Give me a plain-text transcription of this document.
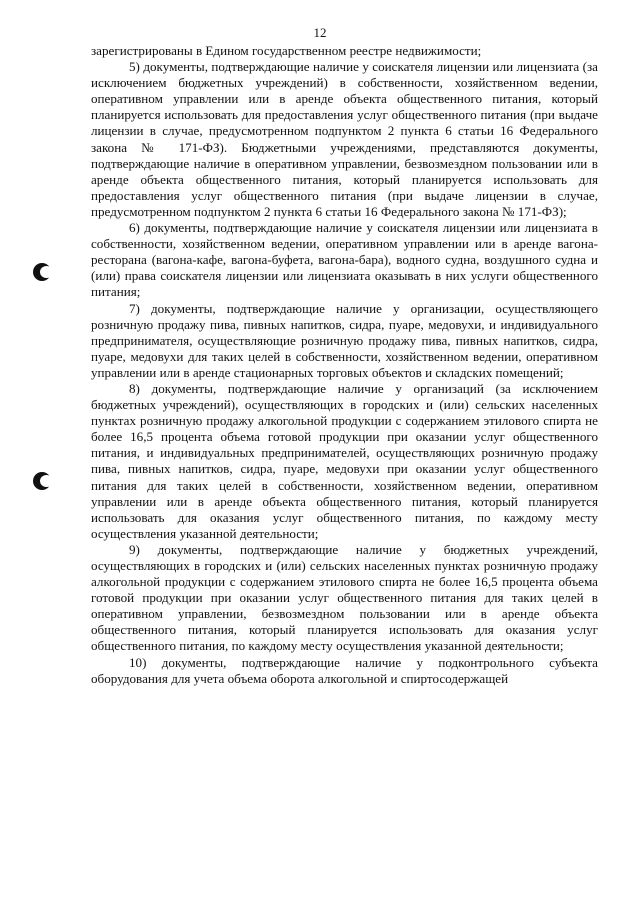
12

зарегистрированы в Едином государственном реестре недвижимости;

5) документы, подтверждающие наличие у соискателя лицензии или лицензиата (за исключением бюджетных учреждений) в собственности, хозяйственном ведении, оперативном управлении или в аренде объекта общественного питания, который планируется использовать для предоставления услуг общественного питания (при выдаче лицензии в случае, предусмотренном подпунктом 2 пункта 6 статьи 16 Федерального закона № 171-ФЗ). Бюджетными учреждениями, представляются документы, подтверждающие наличие в оперативном управлении, безвозмездном пользовании или в аренде объекта общественного питания, который планируется использовать для предоставления услуг общественного питания (при выдаче лицензии в случае, предусмотренном подпунктом 2 пункта 6 статьи 16 Федерального закона № 171-ФЗ);

6) документы, подтверждающие наличие у соискателя лицензии или лицензиата в собственности, хозяйственном ведении, оперативном управлении или в аренде вагона-ресторана (вагона-кафе, вагона-буфета, вагона-бара), водного судна, воздушного судна и (или) права соискателя лицензии или лицензиата оказывать в них услуги общественного питания;

7) документы, подтверждающие наличие у организации, осуществляющего розничную продажу пива, пивных напитков, сидра, пуаре, медовухи, и индивидуального предпринимателя, осуществляющие розничную продажу пива, пивных напитков, сидра, пуаре, медовухи для таких целей в собственности, хозяйственном ведении, оперативном управлении или в аренде стационарных торговых объектов и складских помещений;

8) документы, подтверждающие наличие у организаций (за исключением бюджетных учреждений), осуществляющих в городских и (или) сельских населенных пунктах розничную продажу алкогольной продукции с содержанием этилового спирта не более 16,5 процента объема готовой продукции при оказании услуг общественного питания, и индивидуальных предпринимателей, осуществляющих розничную продажу пива, пивных напитков, сидра, пуаре, медовухи при оказании услуг общественного питания для таких целей в собственности, хозяйственном ведении, оперативном управлении или в аренде объекта общественного питания, который планируется использовать для оказания услуг общественного питания, по каждому месту осуществления указанной деятельности;

9) документы, подтверждающие наличие у бюджетных учреждений, осуществляющих в городских и (или) сельских населенных пунктах розничную продажу алкогольной продукции с содержанием этилового спирта не более 16,5 процента объема готовой продукции при оказании услуг общественного питания для таких целей в оперативном управлении, безвозмездном пользовании или в аренде объекта общественного питания, который планируется использовать для оказания услуг общественного питания, по каждому месту осуществления указанной деятельности;

10) документы, подтверждающие наличие у подконтрольного субъекта оборудования для учета объема оборота алкогольной и спиртосодержащей
